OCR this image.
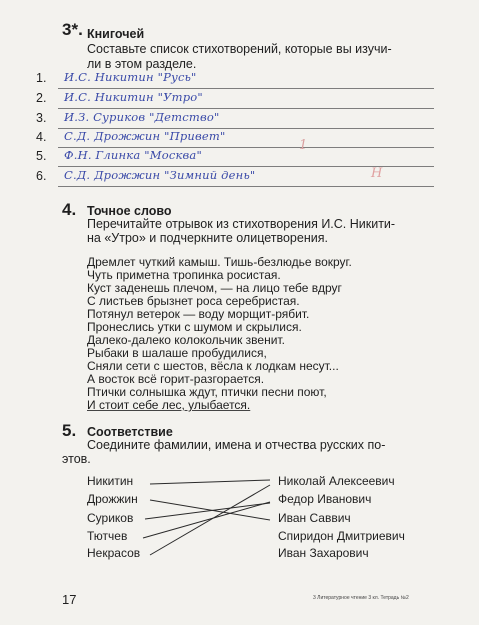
3*. Книгочей
Составьте список стихотворений, которые вы изучи-
ли в этом разделе.
1. И.С. Никитин "Русь"
2. И.С. Никитин "Утро"
3. И.З. Суриков "Детство"
4. С.Д. Дрожжин "Привет"
5. Ф.Н. Глинка "Москва"
6. С.Д. Дрожжин "Зимний день"
1
Н
4. Точное слово
Перечитайте отрывок из стихотворения И.С. Никити-
на «Утро» и подчеркните олицетворения.
Дремлет чуткий камыш. Тишь-безлюдье вокруг.
Чуть приметна тропинка росистая.
Куст заденешь плечом, — на лицо тебе вдруг
С листьев брызнет роса серебристая.
Потянул ветерок — воду морщит-рябит.
Пронеслись утки с шумом и скрылися.
Далеко-далеко колокольчик звенит.
Рыбаки в шалаше пробудилися,
Сняли сети с шестов, вёсла к лодкам несут...
А восток всё горит-разгорается.
Птички солнышка ждут, птички песни поют,
И стоит себе лес, улыбается.
5. Соответствие
Соедините фамилии, имена и отчества русских по-
этов.
Никитин
Дрожжин
Суриков
Тютчев
Некрасов
Николай Алексеевич
Федор Иванович
Иван Саввич
Спиридон Дмитриевич
Иван Захарович
17	3 Литературное чтение 3 кл. Тетрадь №2
